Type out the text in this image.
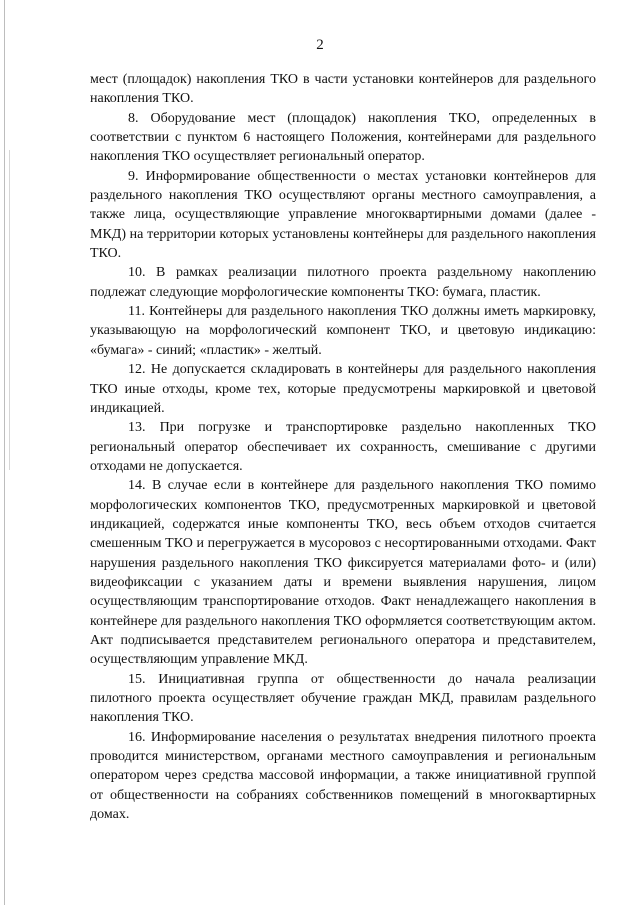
2

мест (площадок) накопления ТКО в части установки контейнеров для раздельного накопления ТКО.

8. Оборудование мест (площадок) накопления ТКО, определенных в соответствии с пунктом 6 настоящего Положения, контейнерами для раздельного накопления ТКО осуществляет региональный оператор.

9. Информирование общественности о местах установки контейнеров для раздельного накопления ТКО осуществляют органы местного самоуправления, а также лица, осуществляющие управление многоквартирными домами (далее - МКД) на территории которых установлены контейнеры для раздельного накопления ТКО.

10. В рамках реализации пилотного проекта раздельному накоплению подлежат следующие морфологические компоненты ТКО: бумага, пластик.

11. Контейнеры для раздельного накопления ТКО должны иметь маркировку, указывающую на морфологический компонент ТКО, и цветовую индикацию: «бумага» - синий; «пластик» - желтый.

12. Не допускается складировать в контейнеры для раздельного накопления ТКО иные отходы, кроме тех, которые предусмотрены маркировкой и цветовой индикацией.

13. При погрузке и транспортировке раздельно накопленных ТКО региональный оператор обеспечивает их сохранность, смешивание с другими отходами не допускается.

14. В случае если в контейнере для раздельного накопления ТКО помимо морфологических компонентов ТКО, предусмотренных маркировкой и цветовой индикацией, содержатся иные компоненты ТКО, весь объем отходов считается смешенным ТКО и перегружается в мусоровоз с несортированными отходами. Факт нарушения раздельного накопления ТКО фиксируется материалами фото- и (или) видеофиксации с указанием даты и времени выявления нарушения, лицом осуществляющим транспортирование отходов. Факт ненадлежащего накопления в контейнере для раздельного накопления ТКО оформляется соответствующим актом. Акт подписывается представителем регионального оператора и представителем, осуществляющим управление МКД.

15. Инициативная группа от общественности до начала реализации пилотного проекта осуществляет обучение граждан МКД, правилам раздельного накопления ТКО.

16. Информирование населения о результатах внедрения пилотного проекта проводится министерством, органами местного самоуправления и региональным оператором через средства массовой информации, а также инициативной группой от общественности на собраниях собственников помещений в многоквартирных домах.
